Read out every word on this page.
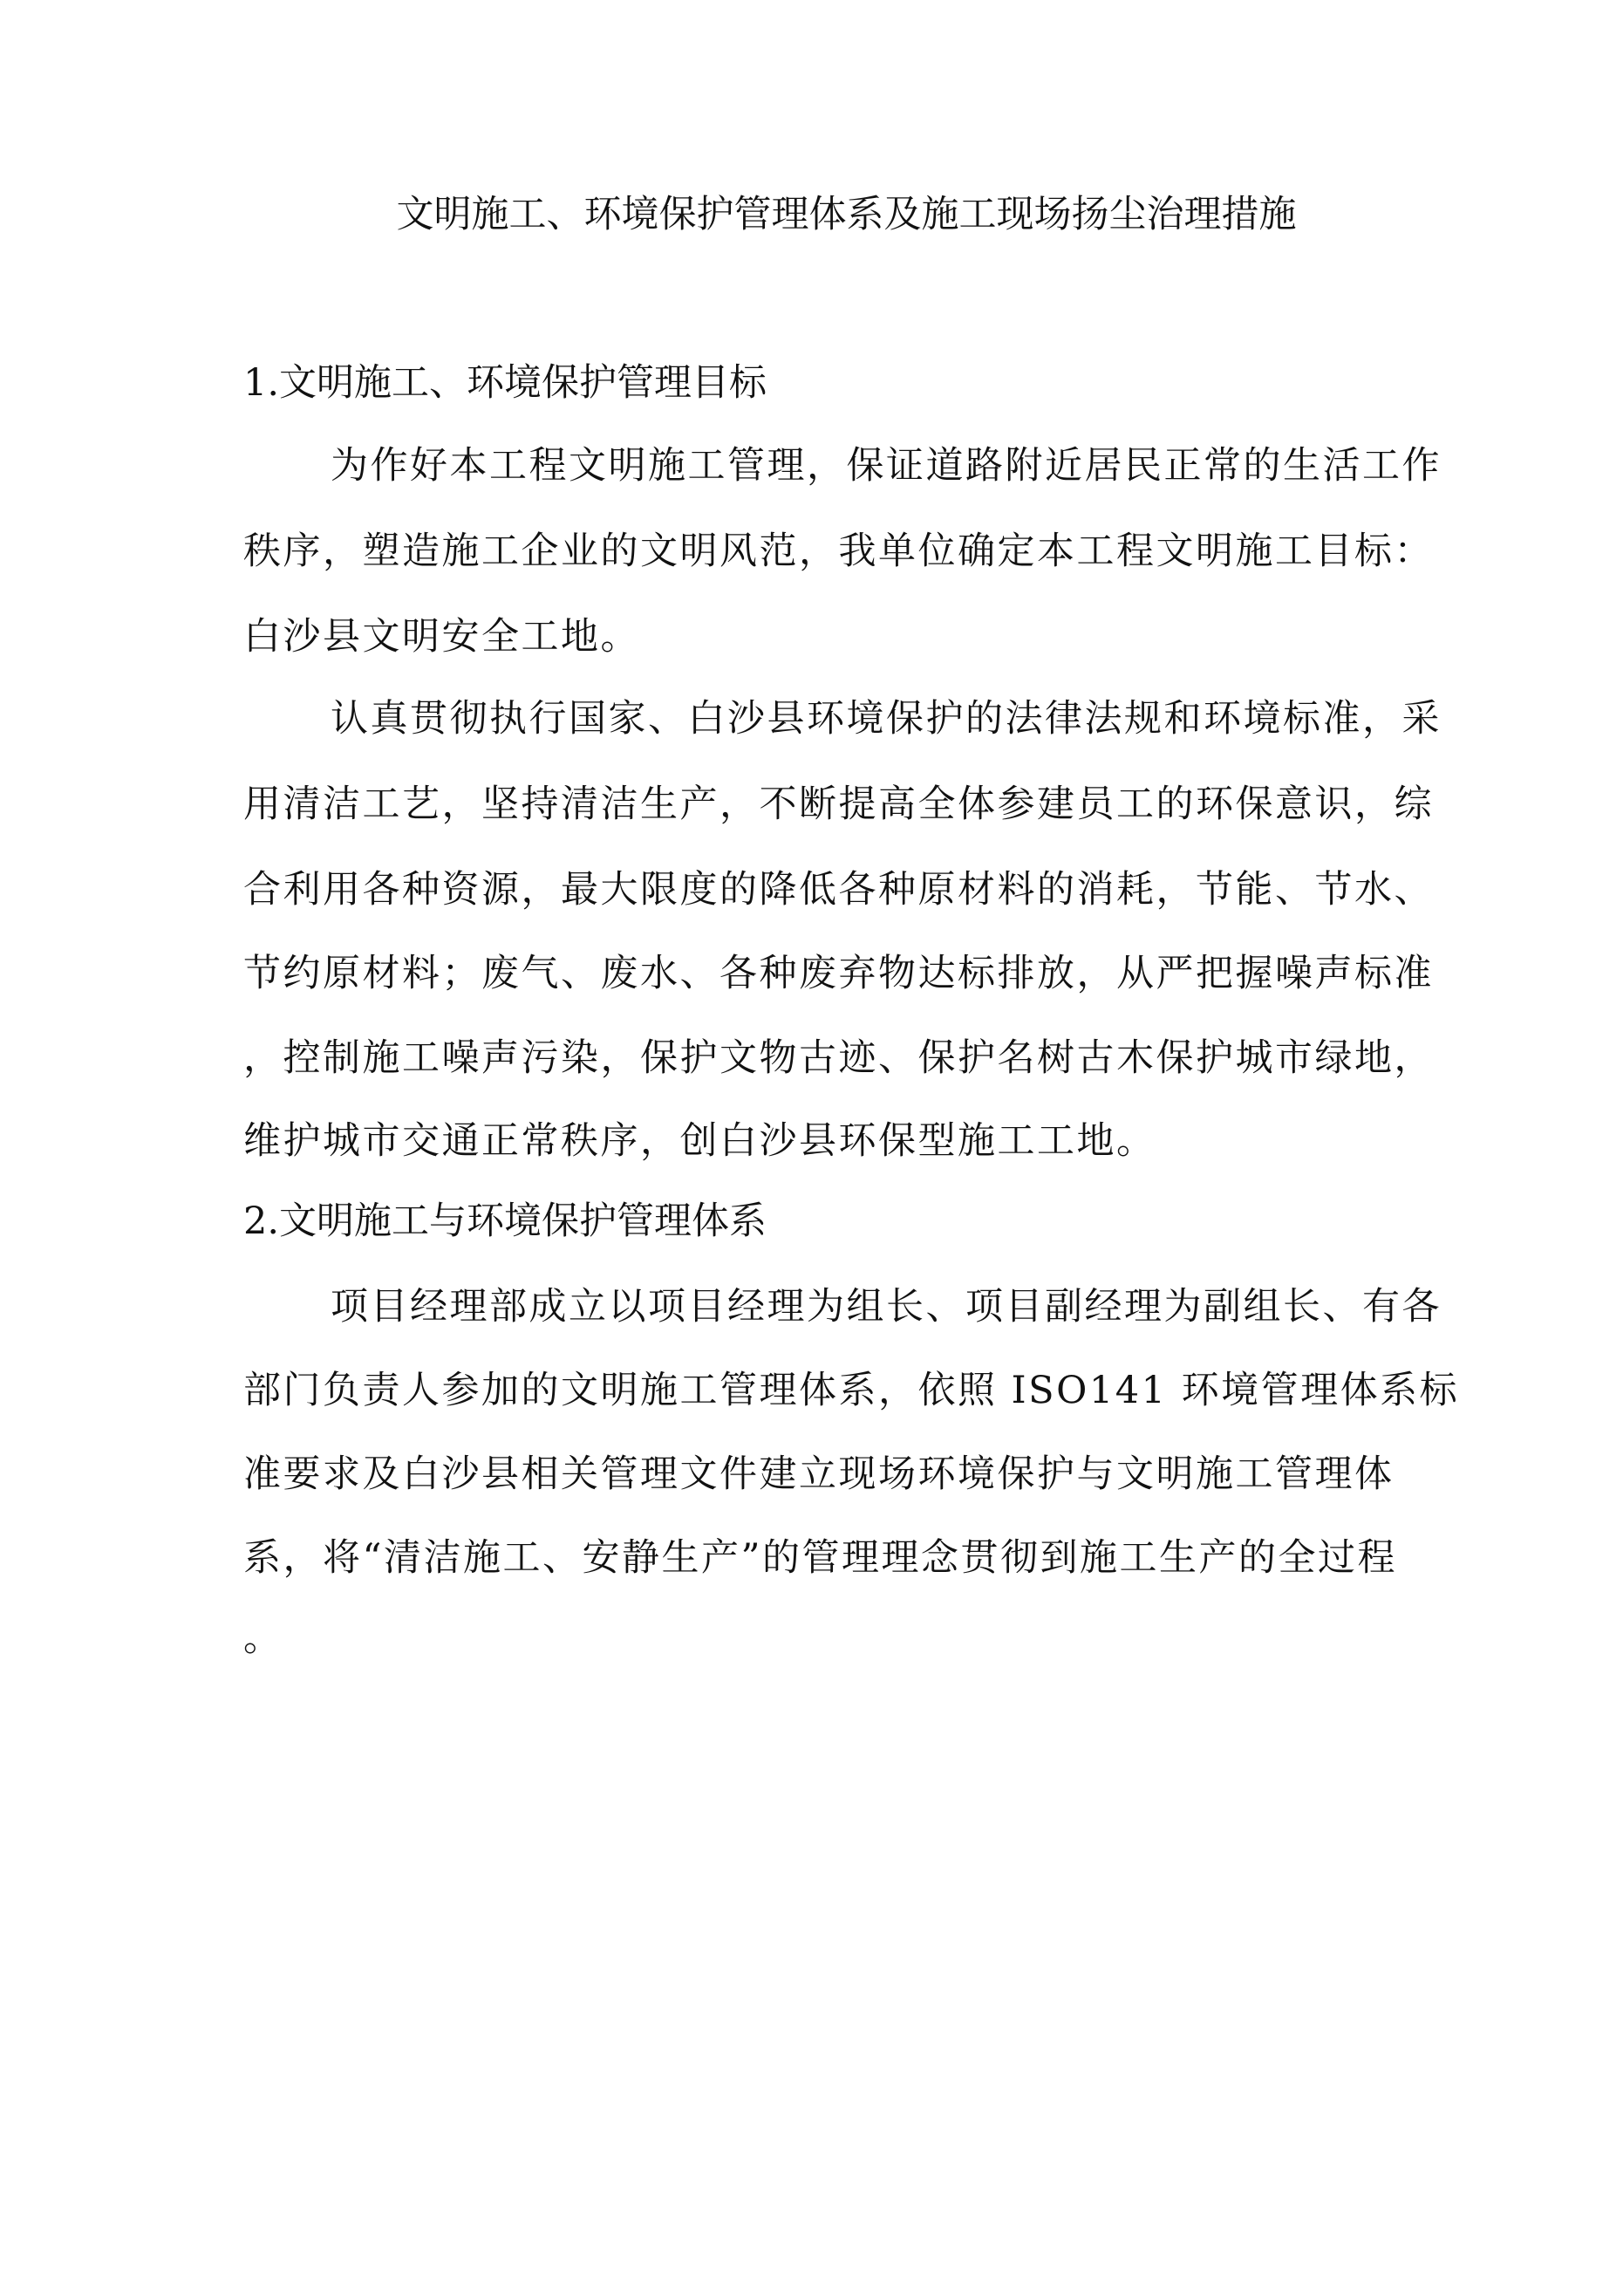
文明施工、环境保护管理体系及施工现场扬尘治理措施
1.文明施工、环境保护管理目标
为作好本工程文明施工管理，保证道路附近居民正常的生活工作
秩序，塑造施工企业的文明风范，我单位确定本工程文明施工目标：
白沙县文明安全工地。
认真贯彻执行国家、白沙县环境保护的法律法规和环境标准，采
用清洁工艺，坚持清洁生产，不断提高全体参建员工的环保意识，综
合利用各种资源，最大限度的降低各种原材料的消耗，节能、节水、
节约原材料；废气、废水、各种废弃物达标排放，从严把握噪声标准
，控制施工噪声污染，保护文物古迹、保护名树古木保护城市绿地，
维护城市交通正常秩序，创白沙县环保型施工工地。
2.文明施工与环境保护管理体系
项目经理部成立以项目经理为组长、项目副经理为副组长、有各
部门负责人参加的文明施工管理体系，依照 ISO141 环境管理体系标
准要求及白沙县相关管理文件建立现场环境保护与文明施工管理体
系，将“清洁施工、安静生产”的管理理念贯彻到施工生产的全过程
。
